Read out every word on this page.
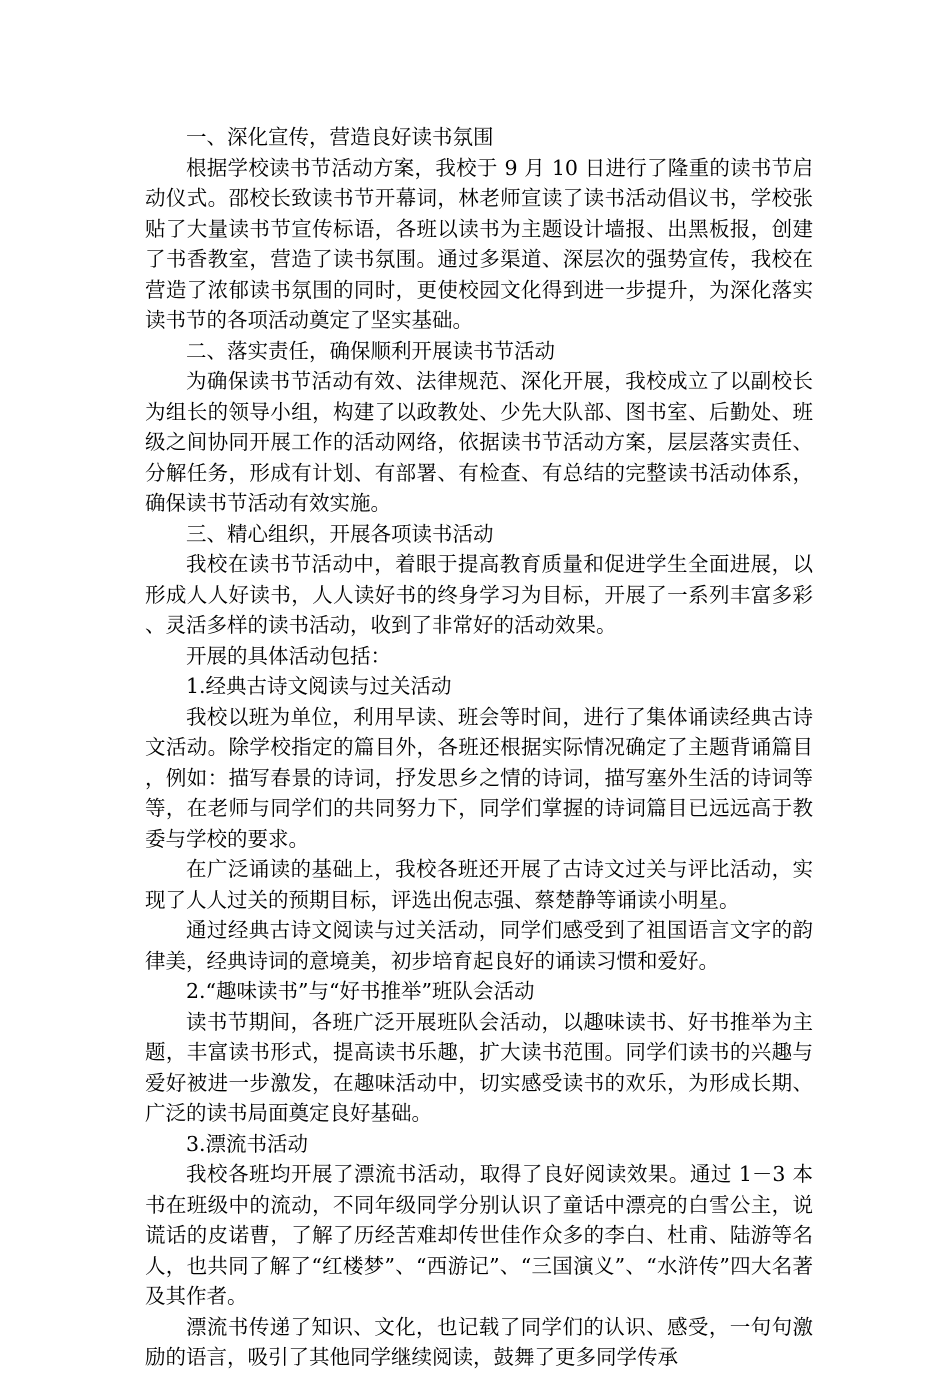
一、深化宣传，营造良好读书氛围

根据学校读书节活动方案，我校于 9 月 10 日进行了隆重的读书节启动仪式。邵校长致读书节开幕词，林老师宣读了读书活动倡议书，学校张贴了大量读书节宣传标语，各班以读书为主题设计墙报、出黑板报，创建了书香教室，营造了读书氛围。通过多渠道、深层次的强势宣传，我校在营造了浓郁读书氛围的同时，更使校园文化得到进一步提升，为深化落实读书节的各项活动奠定了坚实基础。

二、落实责任，确保顺利开展读书节活动

为确保读书节活动有效、法律规范、深化开展，我校成立了以副校长为组长的领导小组，构建了以政教处、少先大队部、图书室、后勤处、班级之间协同开展工作的活动网络，依据读书节活动方案，层层落实责任、分解任务，形成有计划、有部署、有检查、有总结的完整读书活动体系，确保读书节活动有效实施。

三、精心组织，开展各项读书活动

我校在读书节活动中，着眼于提高教育质量和促进学生全面进展，以形成人人好读书，人人读好书的终身学习为目标，开展了一系列丰富多彩、灵活多样的读书活动，收到了非常好的活动效果。

开展的具体活动包括：

1.经典古诗文阅读与过关活动

我校以班为单位，利用早读、班会等时间，进行了集体诵读经典古诗文活动。除学校指定的篇目外，各班还根据实际情况确定了主题背诵篇目，例如：描写春景的诗词，抒发思乡之情的诗词，描写塞外生活的诗词等等，在老师与同学们的共同努力下，同学们掌握的诗词篇目已远远高于教委与学校的要求。

在广泛诵读的基础上，我校各班还开展了古诗文过关与评比活动，实现了人人过关的预期目标，评选出倪志强、蔡楚静等诵读小明星。

通过经典古诗文阅读与过关活动，同学们感受到了祖国语言文字的韵律美，经典诗词的意境美，初步培育起良好的诵读习惯和爱好。

2.“趣味读书”与“好书推举”班队会活动

读书节期间，各班广泛开展班队会活动，以趣味读书、好书推举为主题，丰富读书形式，提高读书乐趣，扩大读书范围。同学们读书的兴趣与爱好被进一步激发，在趣味活动中，切实感受读书的欢乐，为形成长期、广泛的读书局面奠定良好基础。

3.漂流书活动

我校各班均开展了漂流书活动，取得了良好阅读效果。通过 1－3 本书在班级中的流动，不同年级同学分别认识了童话中漂亮的白雪公主，说谎话的皮诺曹，了解了历经苦难却传世佳作众多的李白、杜甫、陆游等名人，也共同了解了“红楼梦”、“西游记”、“三国演义”、“水浒传”四大名著及其作者。

漂流书传递了知识、文化，也记载了同学们的认识、感受，一句句激励的语言，吸引了其他同学继续阅读，鼓舞了更多同学传承
